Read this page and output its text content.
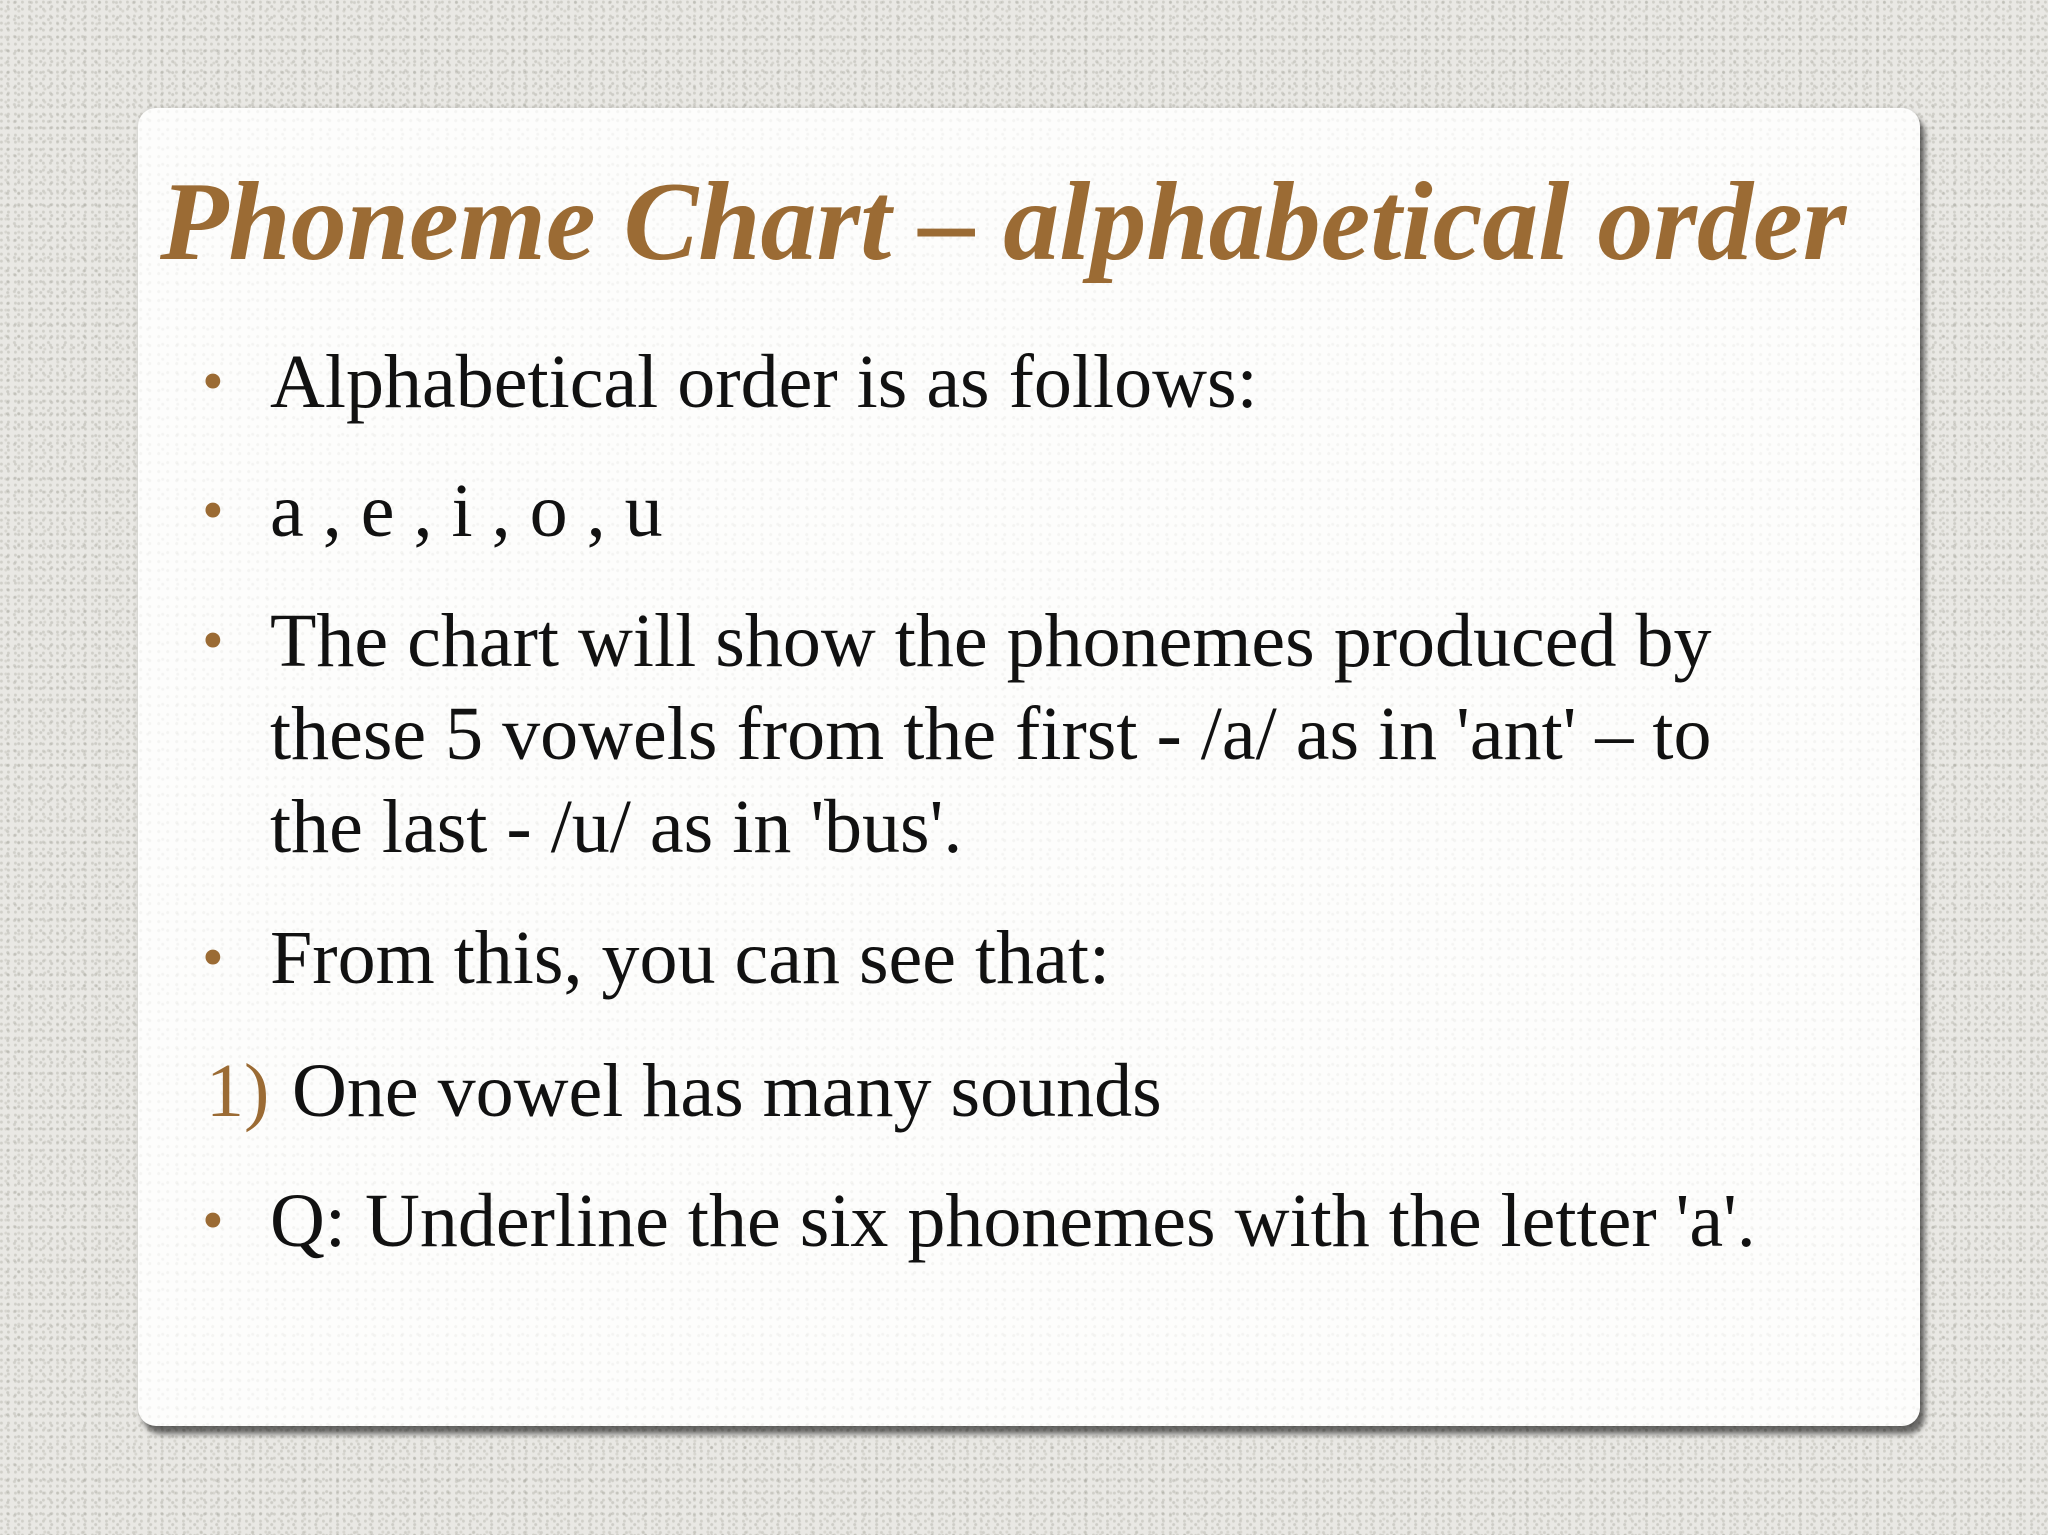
Phoneme Chart – alphabetical order
• Alphabetical order is as follows:
• a , e , i , o , u
• The chart will show the phonemes produced by
these 5 vowels from the first - /a/ as in 'ant' – to
the last - /u/ as in 'bus'.
• From this, you can see that:
1) One vowel has many sounds
• Q: Underline the six phonemes with the letter 'a'.
